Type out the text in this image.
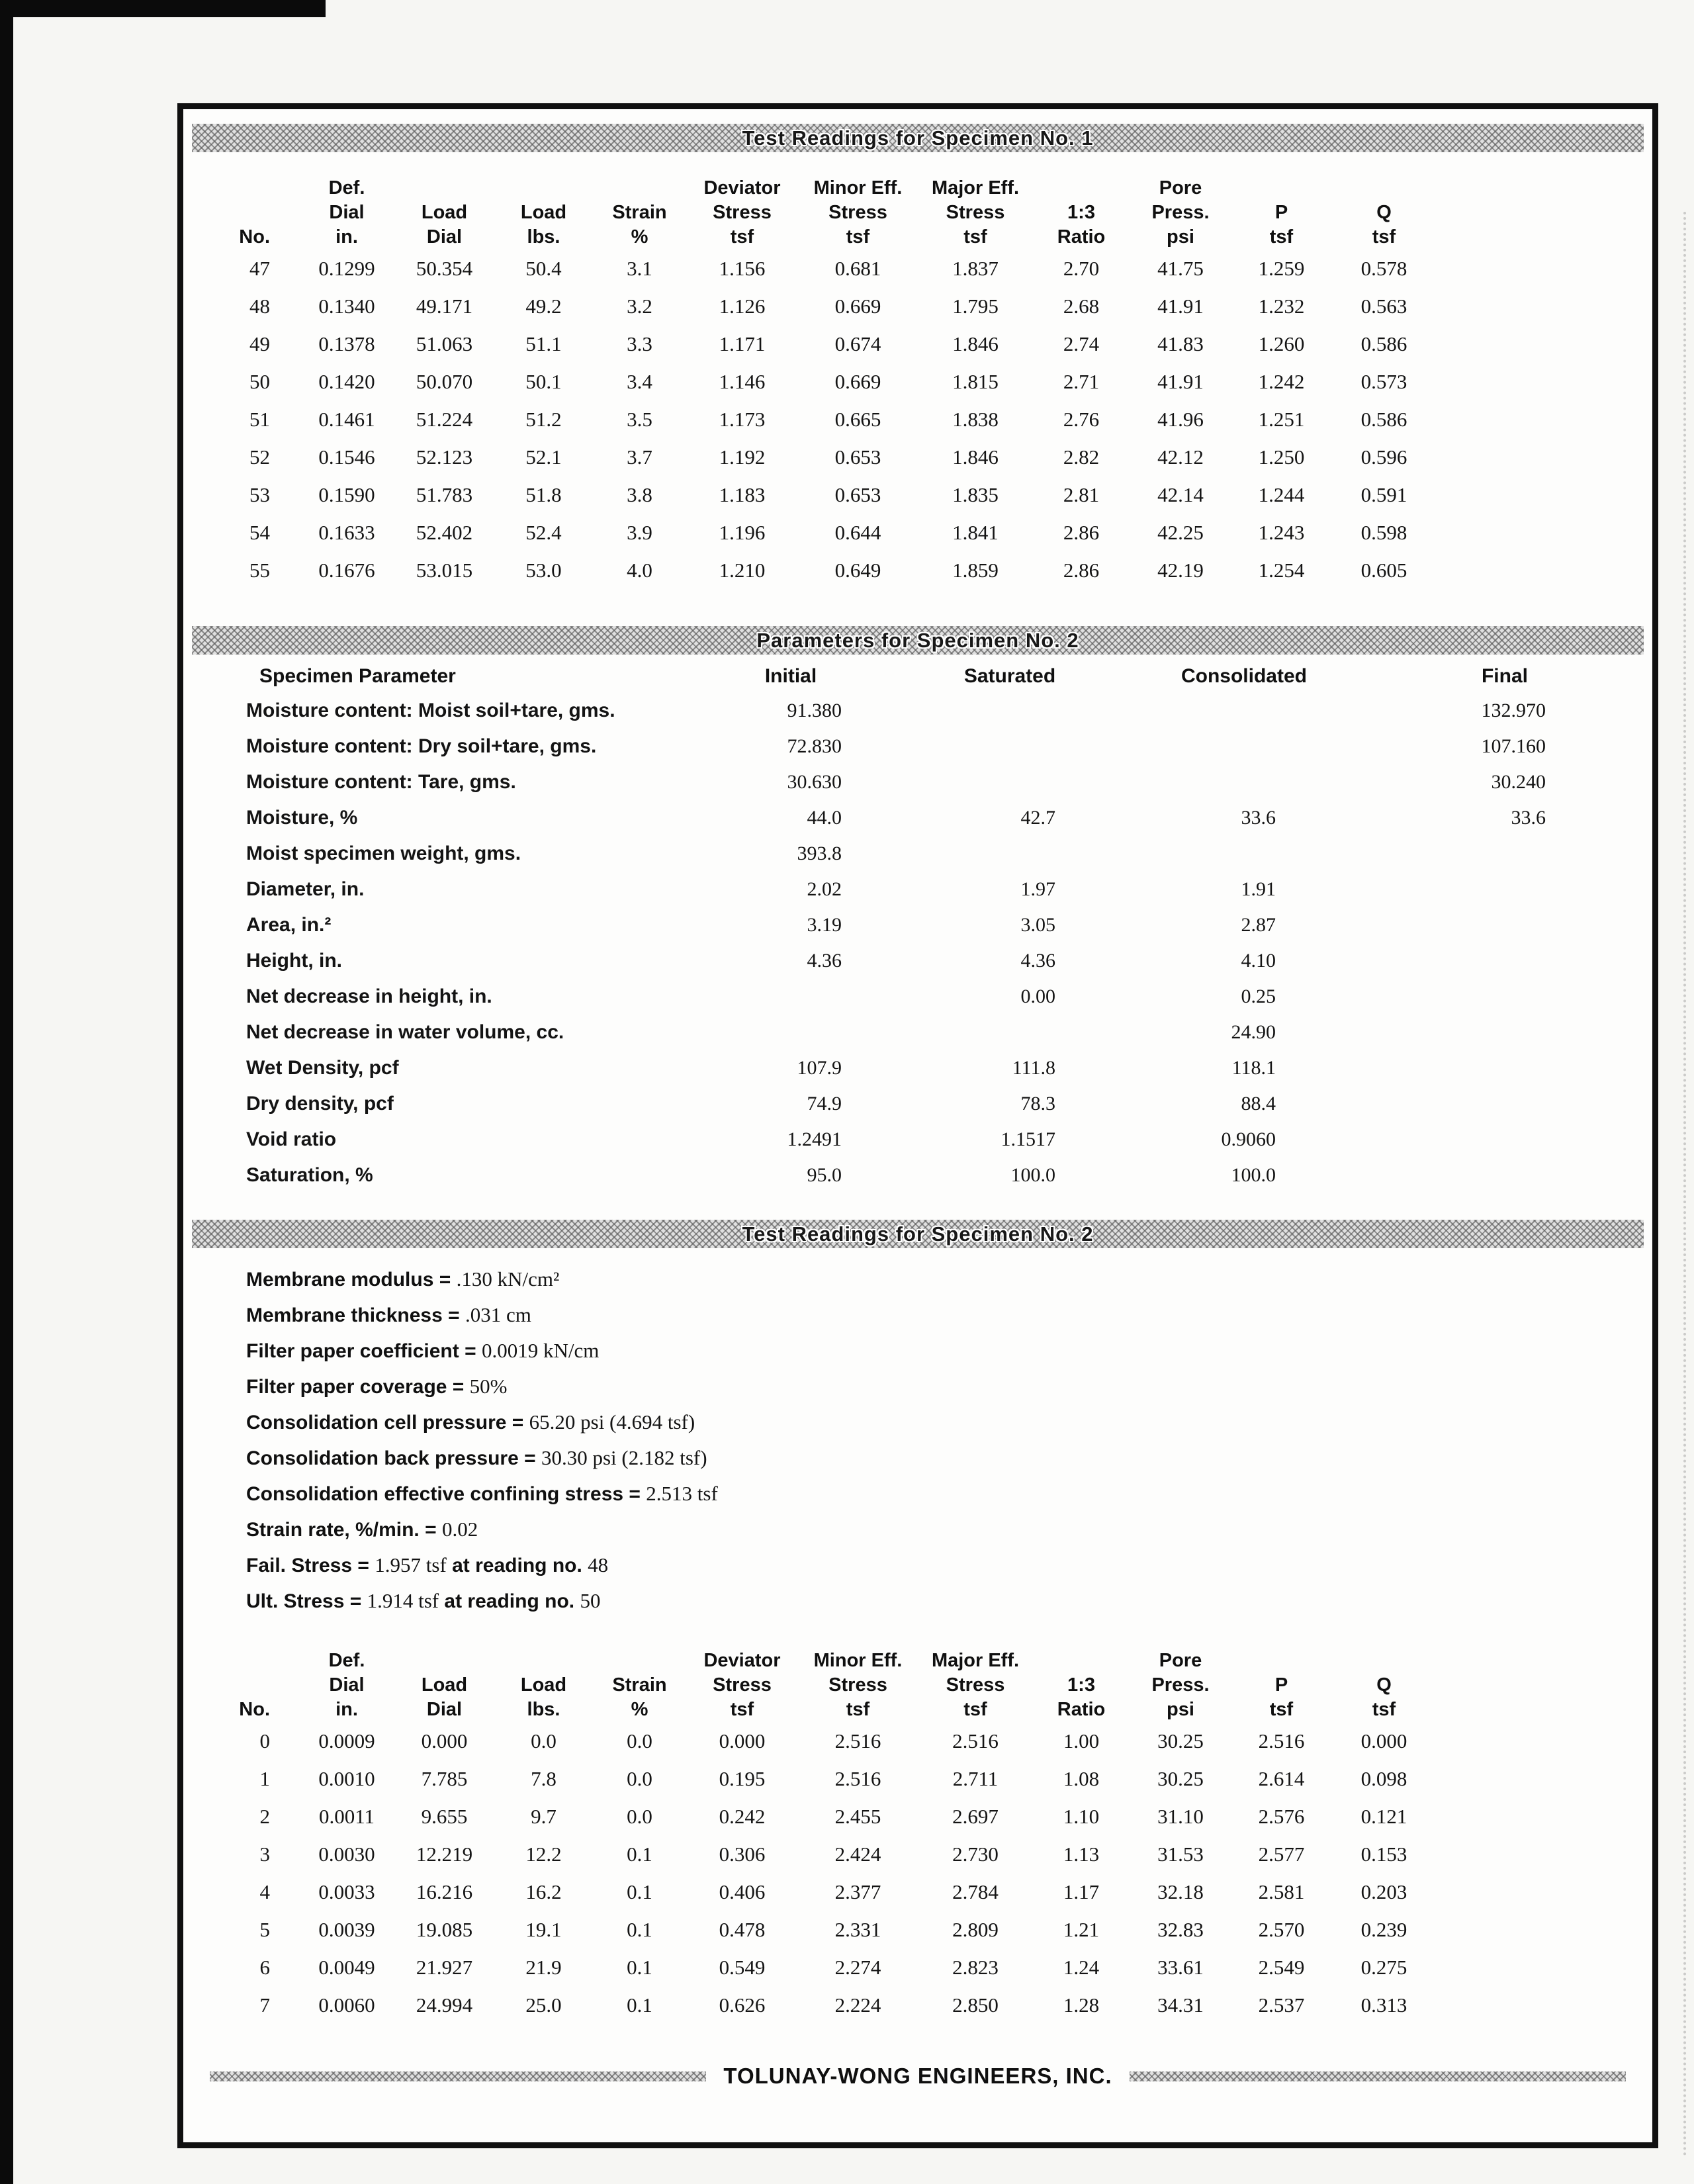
Test Readings for Specimen No. 1
	Def.				Deviator	Minor Eff.	Major Eff.		Pore		
	Dial	Load	Load	Strain	Stress	Stress	Stress	1:3	Press.	P	Q
No.	in.	Dial	lbs.	%	tsf	tsf	tsf	Ratio	psi	tsf	tsf
47	0.1299	50.354	50.4	3.1	1.156	0.681	1.837	2.70	41.75	1.259	0.578
48	0.1340	49.171	49.2	3.2	1.126	0.669	1.795	2.68	41.91	1.232	0.563
49	0.1378	51.063	51.1	3.3	1.171	0.674	1.846	2.74	41.83	1.260	0.586
50	0.1420	50.070	50.1	3.4	1.146	0.669	1.815	2.71	41.91	1.242	0.573
51	0.1461	51.224	51.2	3.5	1.173	0.665	1.838	2.76	41.96	1.251	0.586
52	0.1546	52.123	52.1	3.7	1.192	0.653	1.846	2.82	42.12	1.250	0.596
53	0.1590	51.783	51.8	3.8	1.183	0.653	1.835	2.81	42.14	1.244	0.591
54	0.1633	52.402	52.4	3.9	1.196	0.644	1.841	2.86	42.25	1.243	0.598
55	0.1676	53.015	53.0	4.0	1.210	0.649	1.859	2.86	42.19	1.254	0.605
Parameters for Specimen No. 2
Specimen Parameter	Initial	Saturated	Consolidated	Final
Moisture content: Moist soil+tare, gms.	91.380			132.970
Moisture content: Dry soil+tare, gms.	72.830			107.160
Moisture content: Tare, gms.	30.630			30.240
Moisture, %	44.0	42.7	33.6	33.6
Moist specimen weight, gms.	393.8			
Diameter, in.	2.02	1.97	1.91	
Area, in.²	3.19	3.05	2.87	
Height, in.	4.36	4.36	4.10	
Net decrease in height, in.		0.00	0.25	
Net decrease in water volume, cc.			24.90	
Wet Density, pcf	107.9	111.8	118.1	
Dry density, pcf	74.9	78.3	88.4	
Void ratio	1.2491	1.1517	0.9060	
Saturation, %	95.0	100.0	100.0	
Test Readings for Specimen No. 2
Membrane modulus = .130 kN/cm²
Membrane thickness = .031 cm
Filter paper coefficient = 0.0019 kN/cm
Filter paper coverage = 50%
Consolidation cell pressure = 65.20 psi (4.694 tsf)
Consolidation back pressure = 30.30 psi (2.182 tsf)
Consolidation effective confining stress = 2.513 tsf
Strain rate, %/min. = 0.02
Fail. Stress = 1.957 tsf at reading no. 48
Ult. Stress = 1.914 tsf at reading no. 50
	Def.				Deviator	Minor Eff.	Major Eff.		Pore		
	Dial	Load	Load	Strain	Stress	Stress	Stress	1:3	Press.	P	Q
No.	in.	Dial	lbs.	%	tsf	tsf	tsf	Ratio	psi	tsf	tsf
0	0.0009	0.000	0.0	0.0	0.000	2.516	2.516	1.00	30.25	2.516	0.000
1	0.0010	7.785	7.8	0.0	0.195	2.516	2.711	1.08	30.25	2.614	0.098
2	0.0011	9.655	9.7	0.0	0.242	2.455	2.697	1.10	31.10	2.576	0.121
3	0.0030	12.219	12.2	0.1	0.306	2.424	2.730	1.13	31.53	2.577	0.153
4	0.0033	16.216	16.2	0.1	0.406	2.377	2.784	1.17	32.18	2.581	0.203
5	0.0039	19.085	19.1	0.1	0.478	2.331	2.809	1.21	32.83	2.570	0.239
6	0.0049	21.927	21.9	0.1	0.549	2.274	2.823	1.24	33.61	2.549	0.275
7	0.0060	24.994	25.0	0.1	0.626	2.224	2.850	1.28	34.31	2.537	0.313
TOLUNAY-WONG ENGINEERS, INC.
